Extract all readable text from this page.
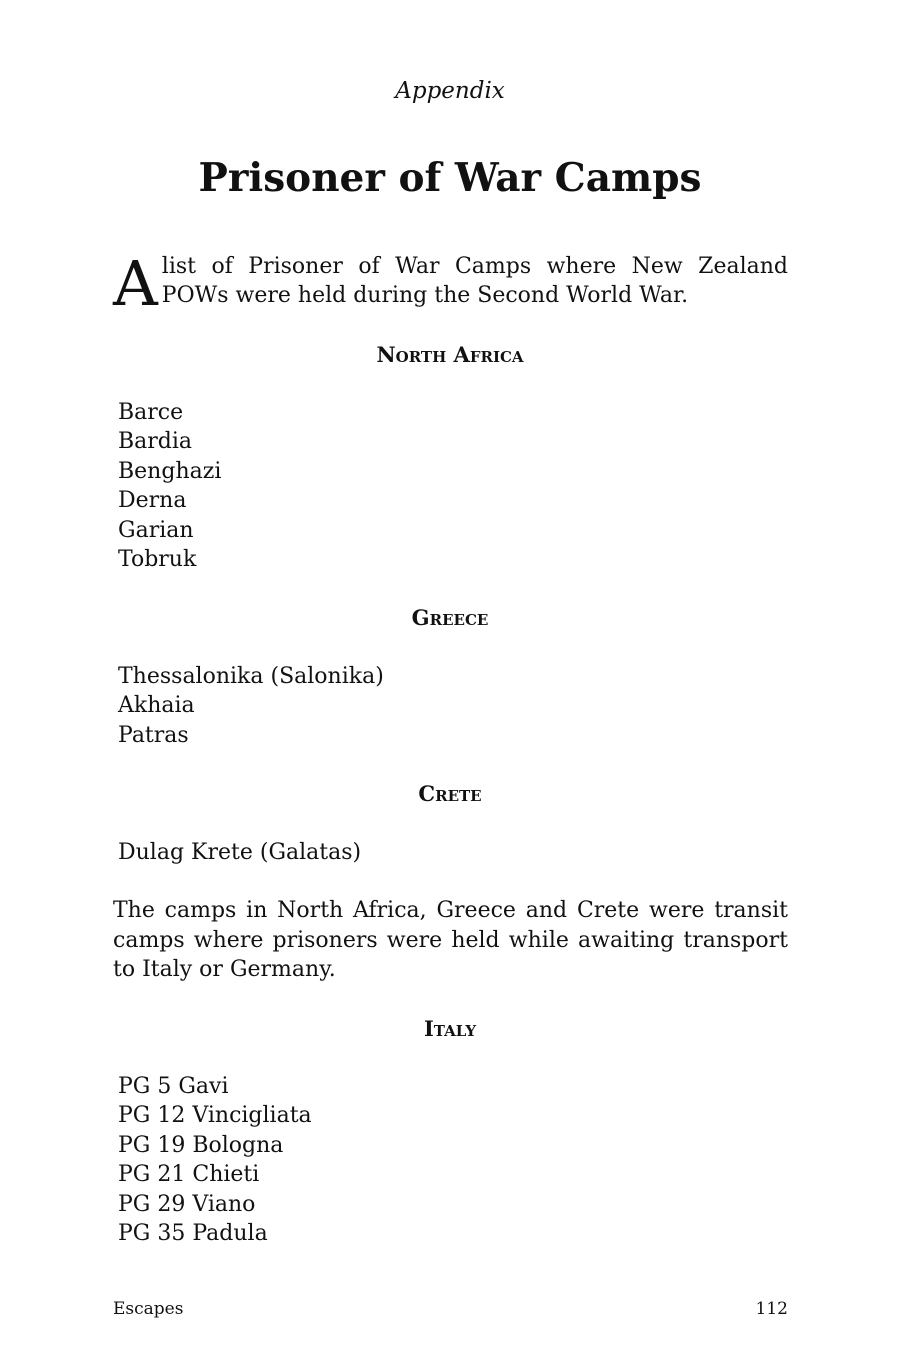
Appendix
Prisoner of War Camps

A list of Prisoner of War Camps where New Zealand POWs were held during the Second World War.

North Africa
Barce
Bardia
Benghazi
Derna
Garian
Tobruk
Greece
Thessalonika (Salonika)
Akhaia
Patras
Crete
Dulag Krete (Galatas)

The camps in North Africa, Greece and Crete were transit camps where prisoners were held while awaiting transport to Italy or Germany.

Italy
PG 5 Gavi
PG 12 Vincigliata
PG 19 Bologna
PG 21 Chieti
PG 29 Viano
PG 35 Padula
Escapes	112
